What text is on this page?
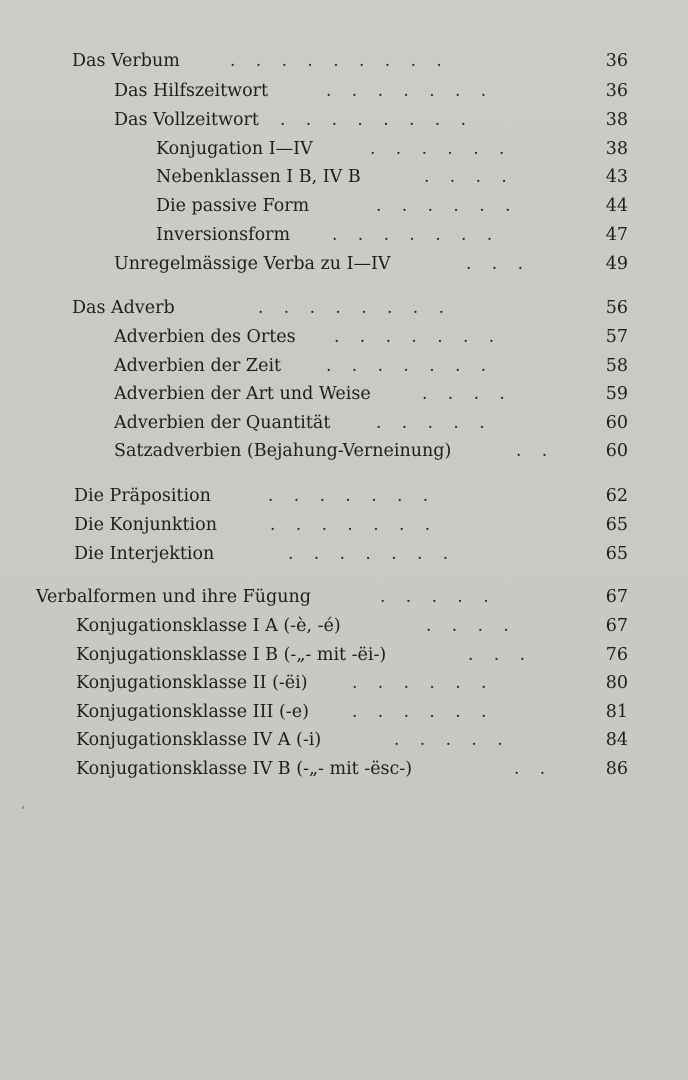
Das Verbum	.  .  .  .  .  .  .  .  .	36
Das Hilfszeitwort	.  .  .  .  .  .  .	36
Das Vollzeitwort .  .  .  .  .  .  .  .	38
Konjugation I—IV	.  .  .  .  .  .	38
Nebenklassen I B, IV B	.  .  .  .	43
Die passive Form	.  .  .  .  .  .	44
Inversionsform .  .  .  .  .  .  .	47
Unregelmässige Verba zu I—IV	.  .  .	49
Das Adverb	.  .  .  .  .  .  .  .	56
Adverbien des Ortes .  .  .  .  .  .  .	57
Adverbien der Zeit	.  .  .  .  .  .  .	58
Adverbien der Art und Weise	.  .  .  .	59
Adverbien der Quantität	.  .  .  .  .	60
Satzadverbien (Bejahung-Verneinung)	.  .	60
Die Präposition	.  .  .  .  .  .  .	62
Die Konjunktion	.  .  .  .  .  .  .	65
Die Interjektion	.  .  .  .  .  .  .	65
Verbalformen und ihre Fügung	.  .  .  .  .	67
Konjugationsklasse I A (-è, -é)	.  .  .  .	67
Konjugationsklasse I B (-„- mit -ëi-)	.  .  .	76
Konjugationsklasse II (-ëi)	.  .  .  .  .  .	80
Konjugationsklasse III (-e)	.  .  .  .  .  .	81
Konjugationsklasse IV A (-i)	.  .  .  .  .	84
Konjugationsklasse IV B (-„- mit -ësc-)	.  .	86
